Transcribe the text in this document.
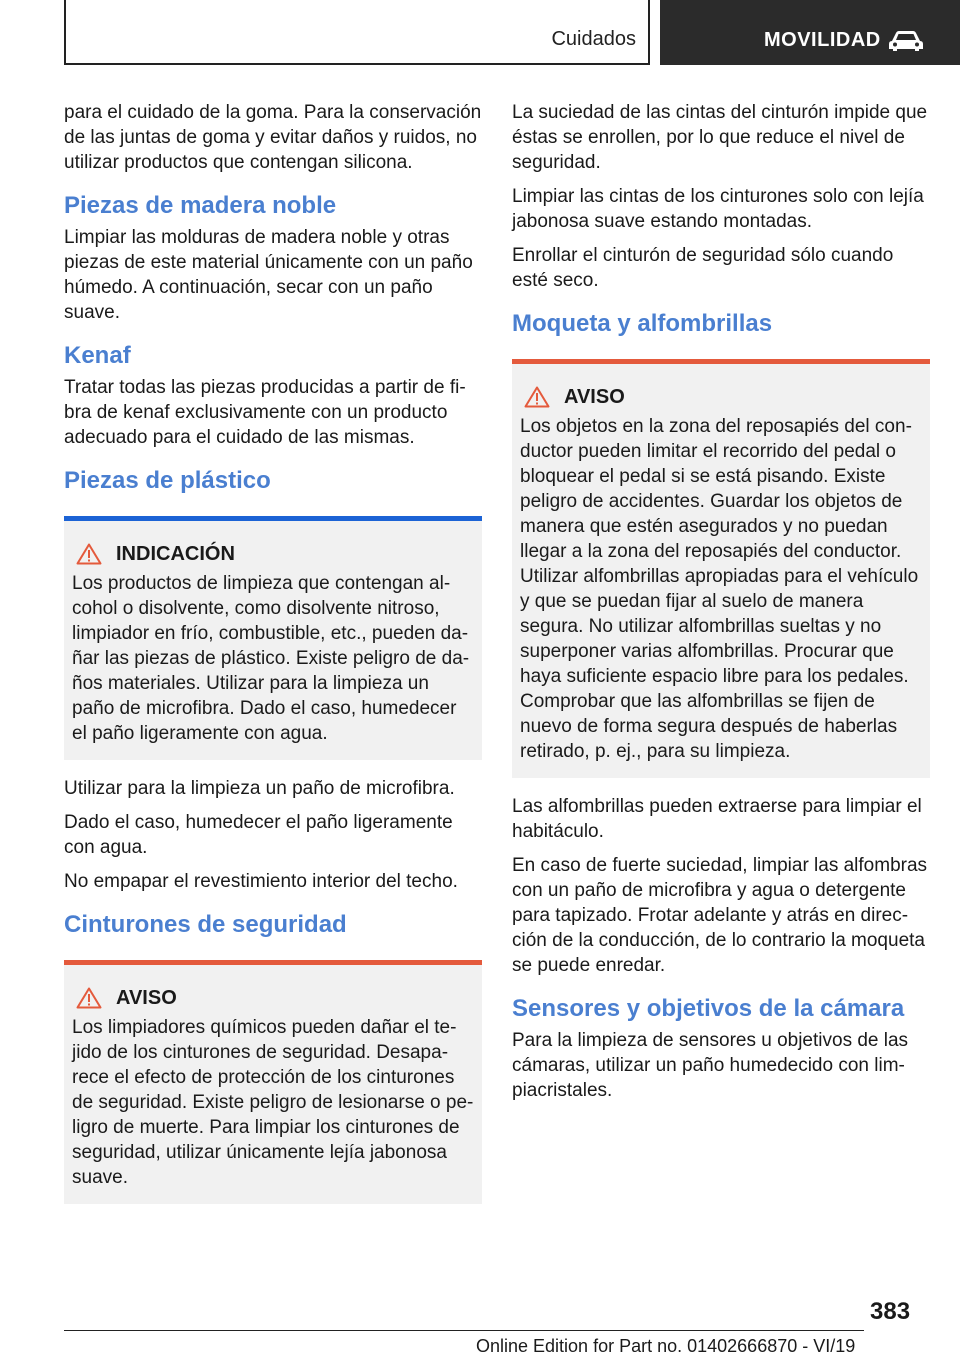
Cuidados	MOVILIDAD

para el cuidado de la goma. Para la conservación de las juntas de goma y evitar daños y ruidos, no utilizar productos que contengan silicona.

Piezas de madera noble

Limpiar las molduras de madera noble y otras piezas de este material únicamente con un paño húmedo. A continuación, secar con un paño suave.

Kenaf

Tratar todas las piezas producidas a partir de fibra de kenaf exclusivamente con un producto adecuado para el cuidado de las mismas.

Piezas de plástico
INDICACIÓN

Los productos de limpieza que contengan alcohol o disolvente, como disolvente nitroso, limpiador en frío, combustible, etc., pueden dañar las piezas de plástico. Existe peligro de daños materiales. Utilizar para la limpieza un paño de microfibra. Dado el caso, humedecer el paño ligeramente con agua.

Utilizar para la limpieza un paño de microfibra.

Dado el caso, humedecer el paño ligeramente con agua.

No empapar el revestimiento interior del techo.

Cinturones de seguridad
AVISO

Los limpiadores químicos pueden dañar el tejido de los cinturones de seguridad. Desaparece el efecto de protección de los cinturones de seguridad. Existe peligro de lesionarse o peligro de muerte. Para limpiar los cinturones de seguridad, utilizar únicamente lejía jabonosa suave.

La suciedad de las cintas del cinturón impide que éstas se enrollen, por lo que reduce el nivel de seguridad.

Limpiar las cintas de los cinturones solo con lejía jabonosa suave estando montadas.

Enrollar el cinturón de seguridad sólo cuando esté seco.

Moqueta y alfombrillas
AVISO

Los objetos en la zona del reposapiés del conductor pueden limitar el recorrido del pedal o bloquear el pedal si se está pisando. Existe peligro de accidentes. Guardar los objetos de manera que estén asegurados y no puedan llegar a la zona del reposapiés del conductor. Utilizar alfombrillas apropiadas para el vehículo y que se puedan fijar al suelo de manera segura. No utilizar alfombrillas sueltas y no superponer varias alfombrillas. Procurar que haya suficiente espacio libre para los pedales. Comprobar que las alfombrillas se fijen de nuevo de forma segura después de haberlas retirado, p. ej., para su limpieza.

Las alfombrillas pueden extraerse para limpiar el habitáculo.

En caso de fuerte suciedad, limpiar las alfombras con un paño de microfibra y agua o detergente para tapizado. Frotar adelante y atrás en dirección de la conducción, de lo contrario la moqueta se puede enredar.

Sensores y objetivos de la cámara

Para la limpieza de sensores u objetivos de las cámaras, utilizar un paño humedecido con limpiacristales.

383
Online Edition for Part no. 01402666870 - VI/19
